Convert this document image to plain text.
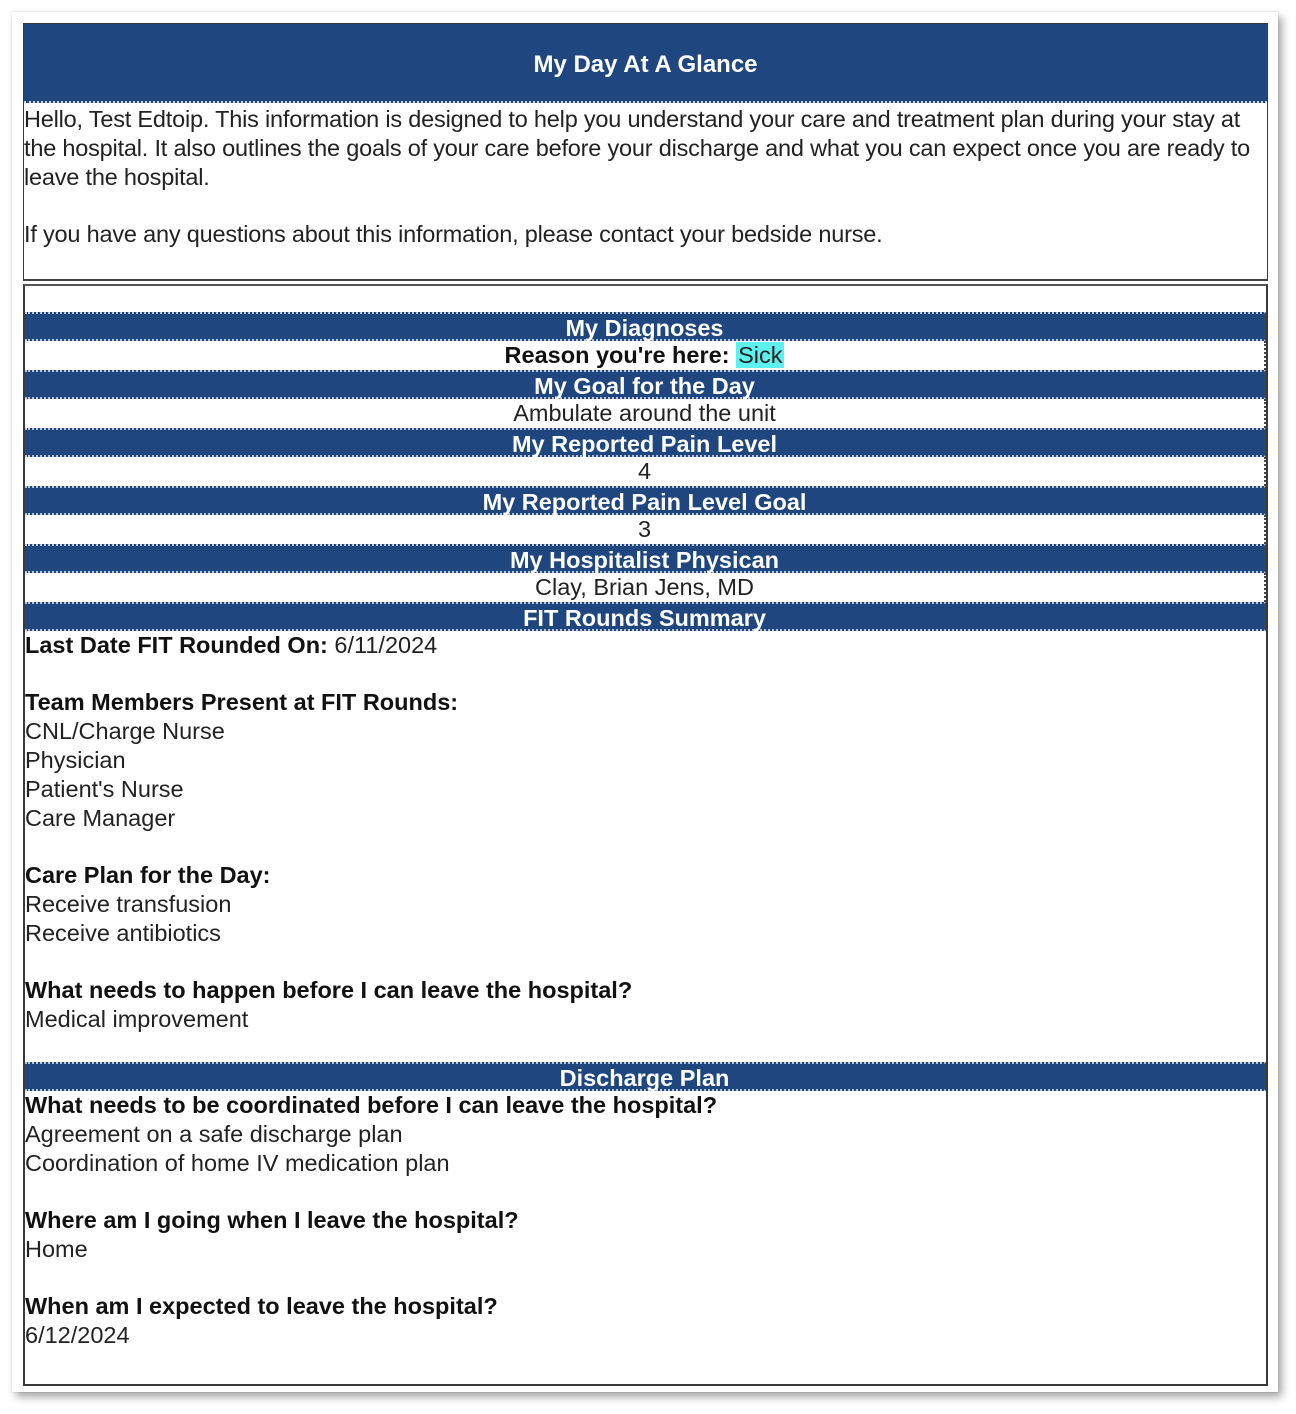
My Day At A Glance

Hello, Test Edtoip. This information is designed to help you understand your care and treatment plan during your stay at the hospital. It also outlines the goals of your care before your discharge and what you can expect once you are ready to leave the hospital.

If you have any questions about this information, please contact your bedside nurse.

My Diagnoses
Reason you're here: Sick
My Goal for the Day
Ambulate around the unit
My Reported Pain Level
4
My Reported Pain Level Goal
3
My Hospitalist Physican
Clay, Brian Jens, MD
FIT Rounds Summary

Last Date FIT Rounded On: 6/11/2024

Team Members Present at FIT Rounds:

CNL/Charge Nurse

Physician

Patient's Nurse

Care Manager

Care Plan for the Day:

Receive transfusion

Receive antibiotics

What needs to happen before I can leave the hospital?

Medical improvement

Discharge Plan

What needs to be coordinated before I can leave the hospital?

Agreement on a safe discharge plan

Coordination of home IV medication plan

Where am I going when I leave the hospital?

Home

When am I expected to leave the hospital?

6/12/2024
